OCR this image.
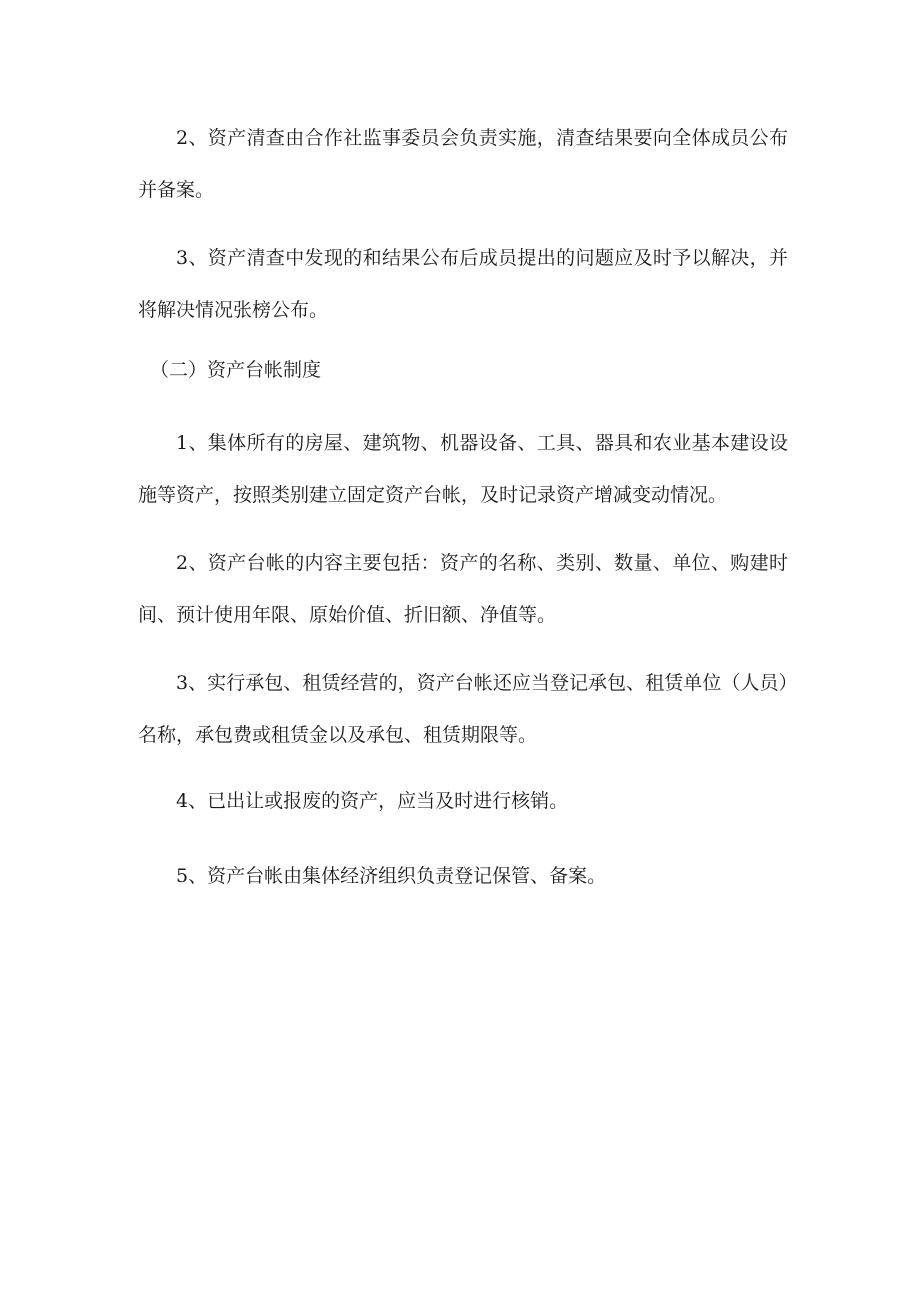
2、资产清查由合作社监事委员会负责实施，清查结果要向全体成员公布并备案。

3、资产清查中发现的和结果公布后成员提出的问题应及时予以解决，并将解决情况张榜公布。

（二）资产台帐制度

1、集体所有的房屋、建筑物、机器设备、工具、器具和农业基本建设设施等资产，按照类别建立固定资产台帐，及时记录资产增减变动情况。

2、资产台帐的内容主要包括：资产的名称、类别、数量、单位、购建时间、预计使用年限、原始价值、折旧额、净值等。

3、实行承包、租赁经营的，资产台帐还应当登记承包、租赁单位（人员）名称，承包费或租赁金以及承包、租赁期限等。

4、已出让或报废的资产，应当及时进行核销。

5、资产台帐由集体经济组织负责登记保管、备案。
